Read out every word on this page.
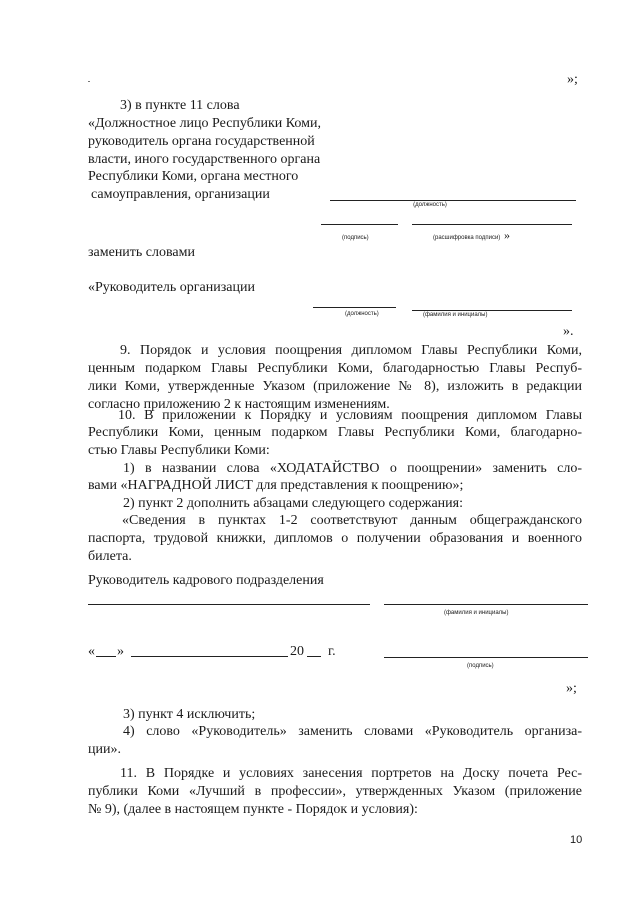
»;
3) в пункте 11 слова
«Должностное лицо Республики Коми,
руководитель органа государственной
власти, иного государственного органа
Республики Коми, органа местного
самоуправления, организации
(должность)
(подпись)	(расшифровка подписи) »
заменить словами
«Руководитель организации
(должность)	(фамилия и инициалы)
».
9. Порядок и условия поощрения дипломом Главы Республики Коми,
ценным подарком Главы Республики Коми, благодарностью Главы Респуб-
лики Коми, утвержденные Указом (приложение № 8), изложить в редакции
согласно приложению 2 к настоящим изменениям.
10. В приложении к Порядку и условиям поощрения дипломом Главы
Республики Коми, ценным подарком Главы Республики Коми, благодарно-
стью Главы Республики Коми:
1) в названии слова «ХОДАТАЙСТВО о поощрении» заменить сло-
вами «НАГРАДНОЙ ЛИСТ для представления к поощрению»;
2) пункт 2 дополнить абзацами следующего содержания:
«Сведения в пунктах 1-2 соответствуют данным общегражданского
паспорта, трудовой книжки, дипломов о получении образования и военного
билета.
Руководитель кадрового подразделения
(фамилия и инициалы)
« »	20 г.
(подпись)
»;
3) пункт 4 исключить;
4) слово «Руководитель» заменить словами «Руководитель организа-
ции».
11. В Порядке и условиях занесения портретов на Доску почета Рес-
публики Коми «Лучший в профессии», утвержденных Указом (приложение
№ 9), (далее в настоящем пункте - Порядок и условия):
10
